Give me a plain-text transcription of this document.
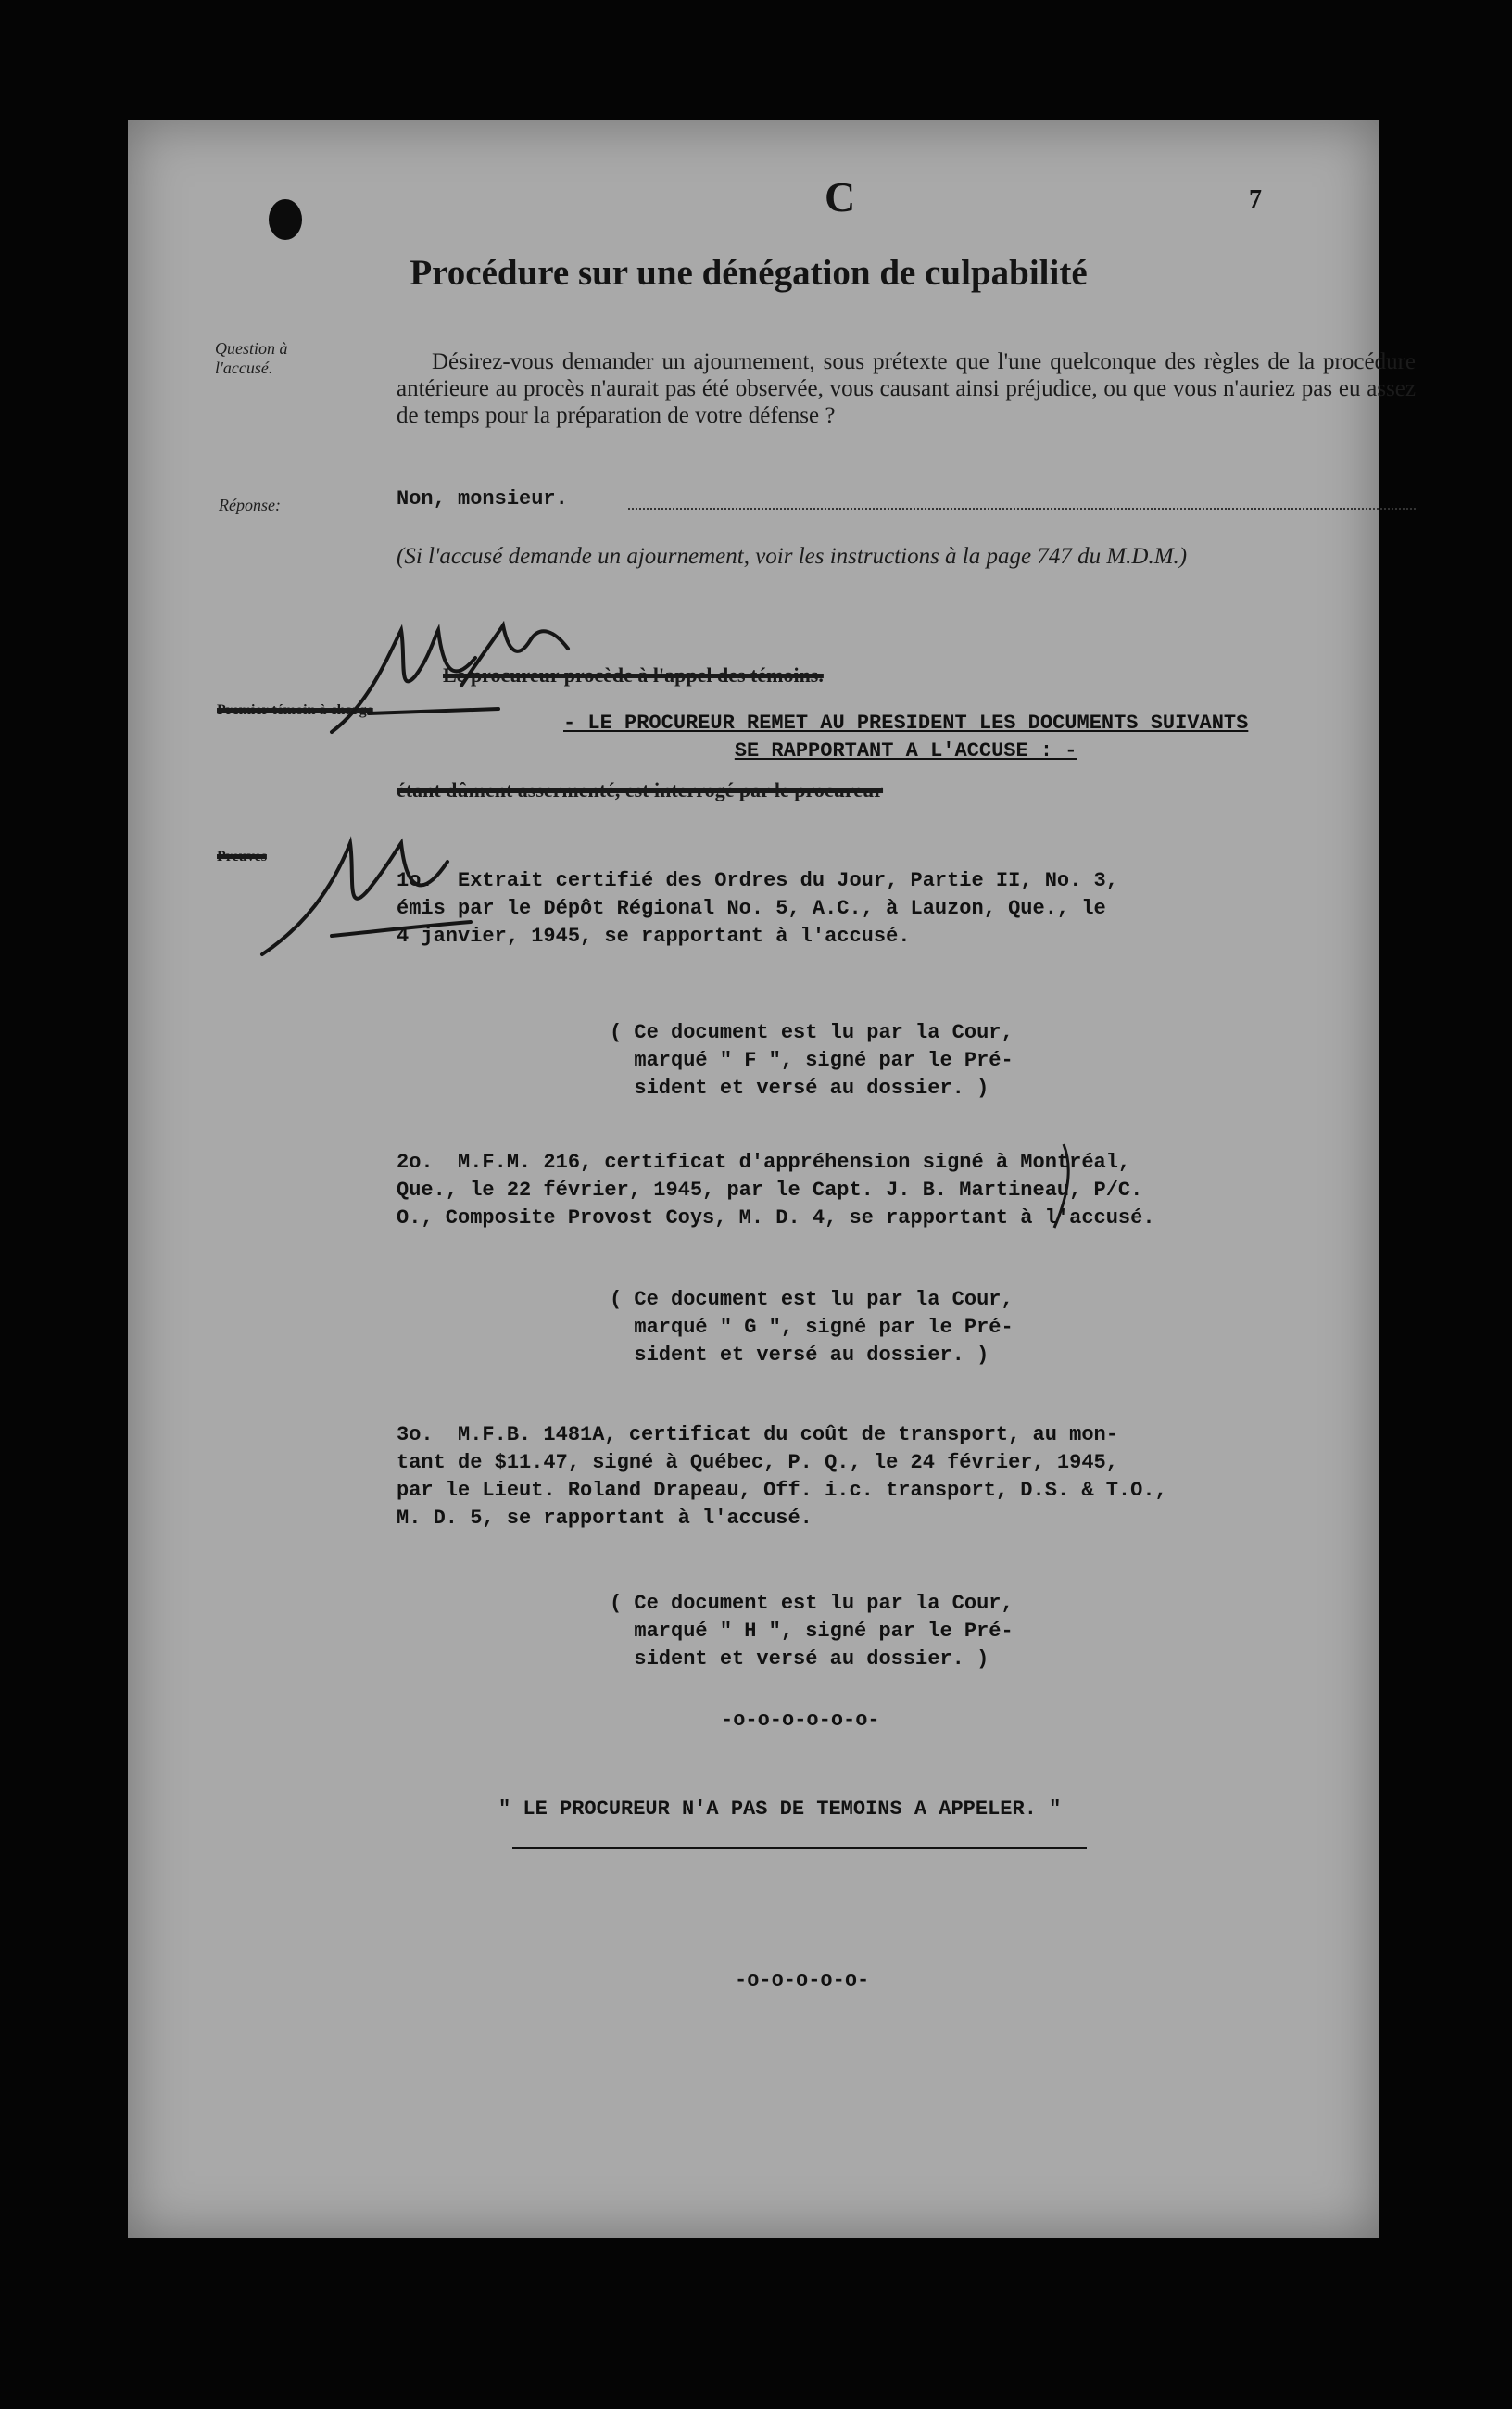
C	7
Procédure sur une dénégation de culpabilité
Question à l'accusé.
Réponse:
Désirez-vous demander un ajournement, sous prétexte que l'une quelconque des règles de la procédure antérieure au procès n'aurait pas été observée, vous causant ainsi préjudice, ou que vous n'auriez pas eu assez de temps pour la préparation de votre défense ?
Non, monsieur.
(Si l'accusé demande un ajournement, voir les instructions à la page 747 du M.D.M.)
Le procureur procède à l'appel des témoins.
Premier témoin à charge
étant dûment assermenté, est interrogé par le procureur
Preuves
- LE PROCUREUR REMET AU PRESIDENT LES DOCUMENTS SUIVANTS
SE RAPPORTANT A L'ACCUSE : -
1o.  Extrait certifié des Ordres du Jour, Partie II, No. 3,
émis par le Dépôt Régional No. 5, A.C., à Lauzon, Que., le
4 janvier, 1945, se rapportant à l'accusé.
( Ce document est lu par la Cour,
marqué " F ", signé par le Pré-
sident et versé au dossier. )
2o.  M.F.M. 216, certificat d'appréhension signé à Montréal,
Que., le 22 février, 1945, par le Capt. J. B. Martineau, P/C.
O., Composite Provost Coys, M. D. 4, se rapportant à l'accusé.
( Ce document est lu par la Cour,
marqué " G ", signé par le Pré-
sident et versé au dossier. )
3o.  M.F.B. 1481A, certificat du coût de transport, au mon-
tant de $11.47, signé à Québec, P. Q., le 24 février, 1945,
par le Lieut. Roland Drapeau, Off. i.c. transport, D.S. & T.O.,
M. D. 5, se rapportant à l'accusé.
( Ce document est lu par la Cour,
marqué " H ", signé par le Pré-
sident et versé au dossier. )
-o-o-o-o-o-o-
" LE PROCUREUR N'A PAS DE TEMOINS A APPELER. "
-o-o-o-o-o-
